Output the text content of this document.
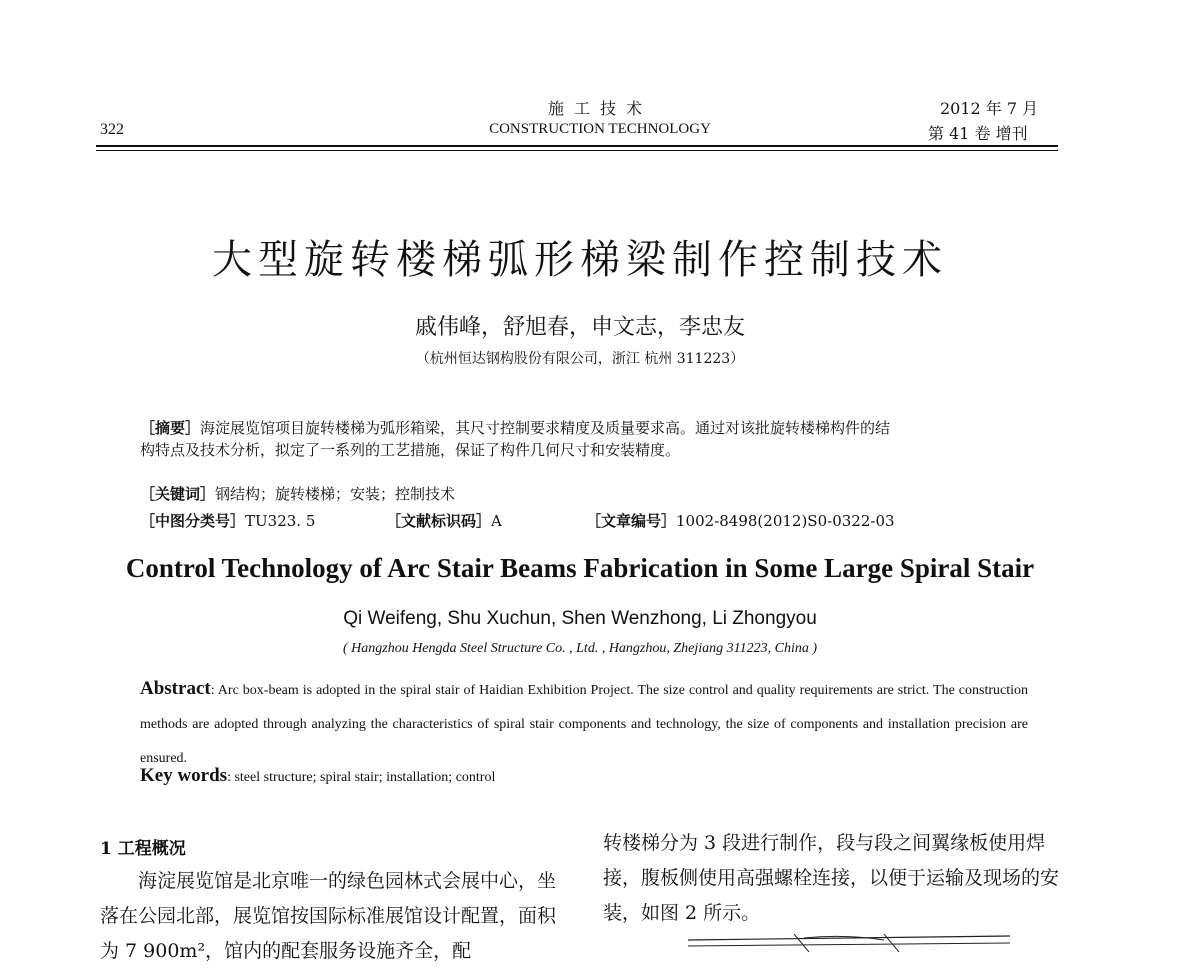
322
施工技术
CONSTRUCTION TECHNOLOGY
2012 年 7 月
第 41 卷 增刊
大型旋转楼梯弧形梯梁制作控制技术
戚伟峰，舒旭春，申文志，李忠友
（杭州恒达钢构股份有限公司，浙江 杭州 311223）
［摘要］海淀展览馆项目旋转楼梯为弧形箱梁，其尺寸控制要求精度及质量要求高。通过对该批旋转楼梯构件的结
构特点及技术分析，拟定了一系列的工艺措施，保证了构件几何尺寸和安装精度。
［关键词］钢结构；旋转楼梯；安装；控制技术
［中图分类号］TU323. 5	［文献标识码］A	［文章编号］1002-8498(2012)S0-0322-03
Control Technology of Arc Stair Beams Fabrication in Some Large Spiral Stair
Qi Weifeng, Shu Xuchun, Shen Wenzhong, Li Zhongyou
( Hangzhou Hengda Steel Structure Co. , Ltd. , Hangzhou, Zhejiang 311223, China )
Abstract: Arc box-beam is adopted in the spiral stair of Haidian Exhibition Project. The size control and quality requirements are strict. The construction methods are adopted through analyzing the characteristics of spiral stair components and technology, the size of components and installation precision are ensured.
Key words: steel structure; spiral stair; installation; control
1 工程概况
海淀展览馆是北京唯一的绿色园林式会展中心，坐落在公园北部，展览馆按国际标准展馆设计配置，面积为 7 900m²，馆内的配套服务设施齐全，配
转楼梯分为 3 段进行制作，段与段之间翼缘板使用焊接，腹板侧使用高强螺栓连接，以便于运输及现场的安装，如图 2 所示。
